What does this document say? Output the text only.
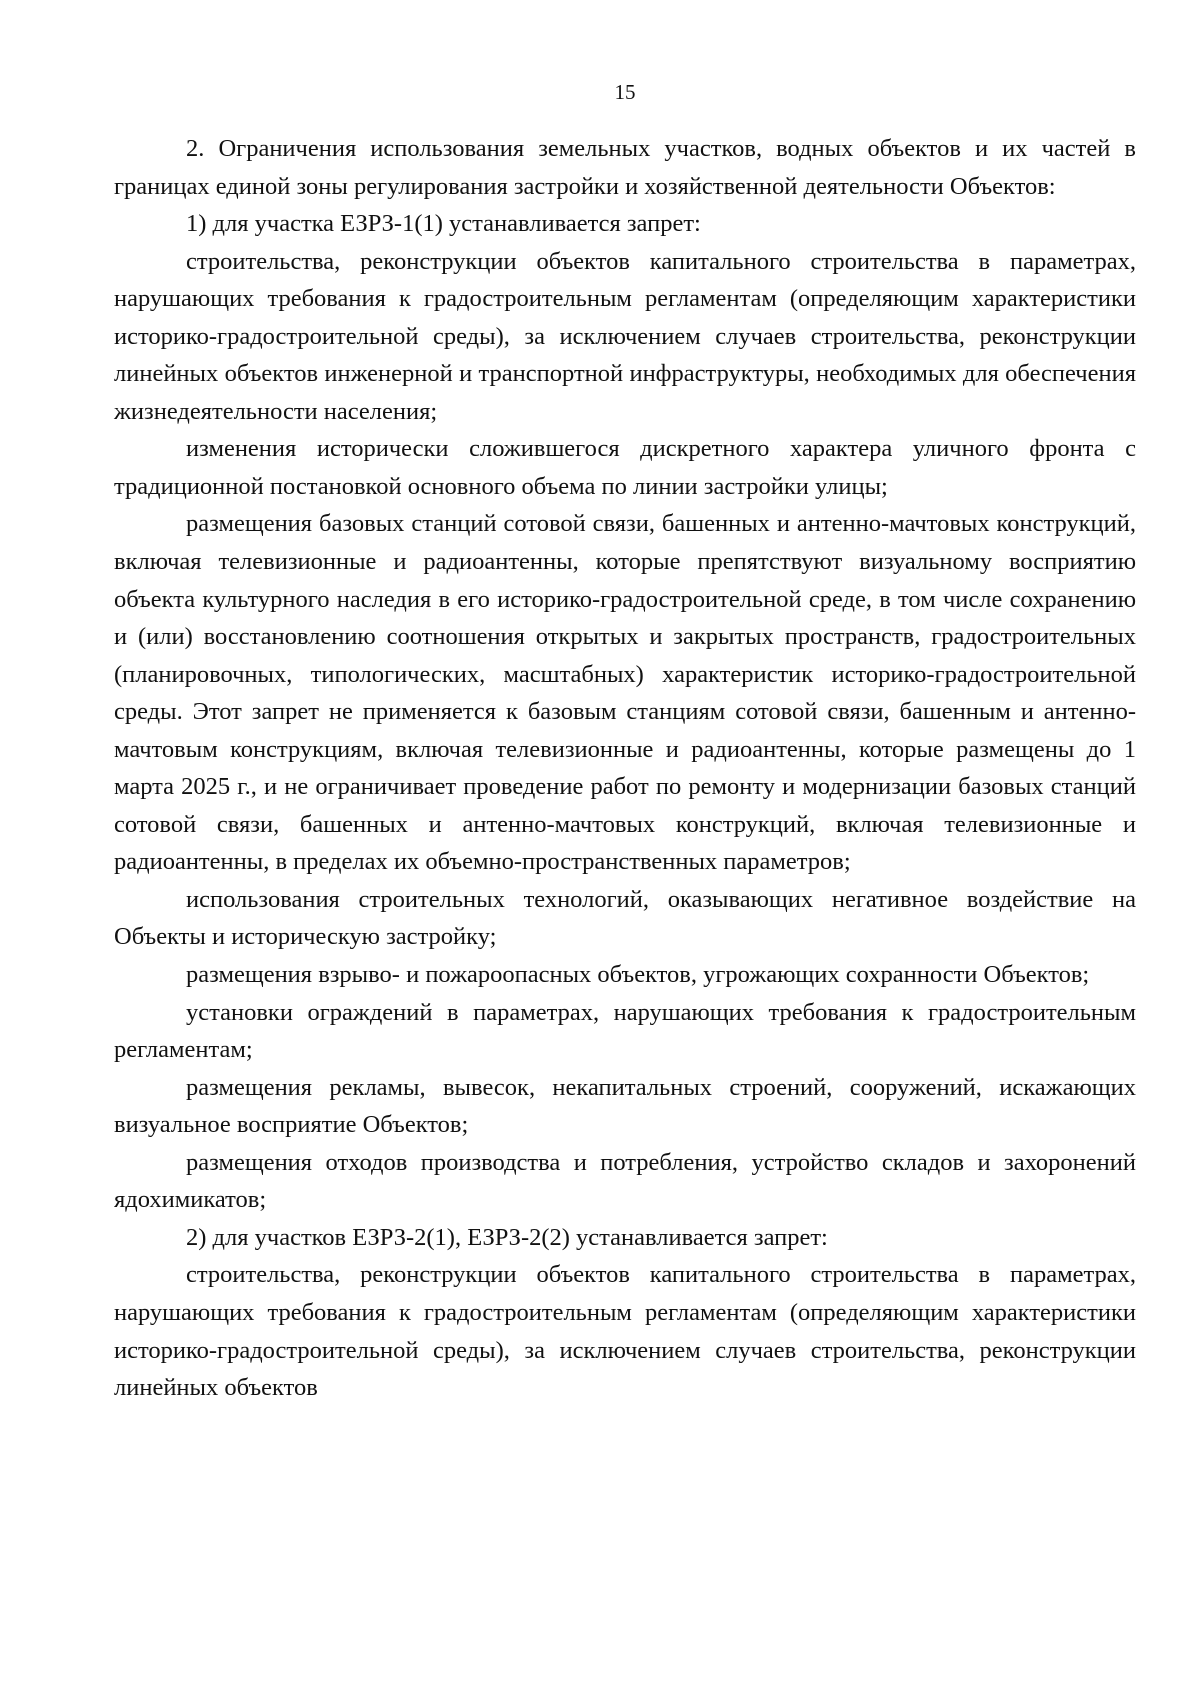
15

2. Ограничения использования земельных участков, водных объектов и их частей в границах единой зоны регулирования застройки и хозяйственной деятельности Объектов:

1) для участка ЕЗРЗ-1(1) устанавливается запрет:

строительства, реконструкции объектов капитального строительства в параметрах, нарушающих требования к градостроительным регламентам (определяющим характеристики историко-градостроительной среды), за исключением случаев строительства, реконструкции линейных объектов инженерной и транспортной инфраструктуры, необходимых для обеспечения жизнедеятельности населения;

изменения исторически сложившегося дискретного характера уличного фронта с традиционной постановкой основного объема по линии застройки улицы;

размещения базовых станций сотовой связи, башенных и антенно-мачтовых конструкций, включая телевизионные и радиоантенны, которые препятствуют визуальному восприятию объекта культурного наследия в его историко-градостроительной среде, в том числе сохранению и (или) восстановлению соотношения открытых и закрытых пространств, градостроительных (планировочных, типологических, масштабных) характеристик историко-градостроительной среды. Этот запрет не применяется к базовым станциям сотовой связи, башенным и антенно- мачтовым конструкциям, включая телевизионные и радиоантенны, которые размещены до 1 марта 2025 г., и не ограничивает проведение работ по ремонту и модернизации базовых станций сотовой связи, башенных и антенно-мачтовых конструкций, включая телевизионные и радиоантенны, в пределах их объемно-пространственных параметров;

использования строительных технологий, оказывающих негативное воздействие на Объекты и историческую застройку;

размещения взрыво- и пожароопасных объектов, угрожающих сохранности Объектов;

установки ограждений в параметрах, нарушающих требования к градостроительным регламентам;

размещения рекламы, вывесок, некапитальных строений, сооружений, искажающих визуальное восприятие Объектов;

размещения отходов производства и потребления, устройство складов и захоронений ядохимикатов;

2) для участков ЕЗРЗ-2(1), ЕЗРЗ-2(2) устанавливается запрет:

строительства, реконструкции объектов капитального строительства в параметрах, нарушающих требования к градостроительным регламентам (определяющим характеристики историко-градостроительной среды), за исключением случаев строительства, реконструкции линейных объектов
